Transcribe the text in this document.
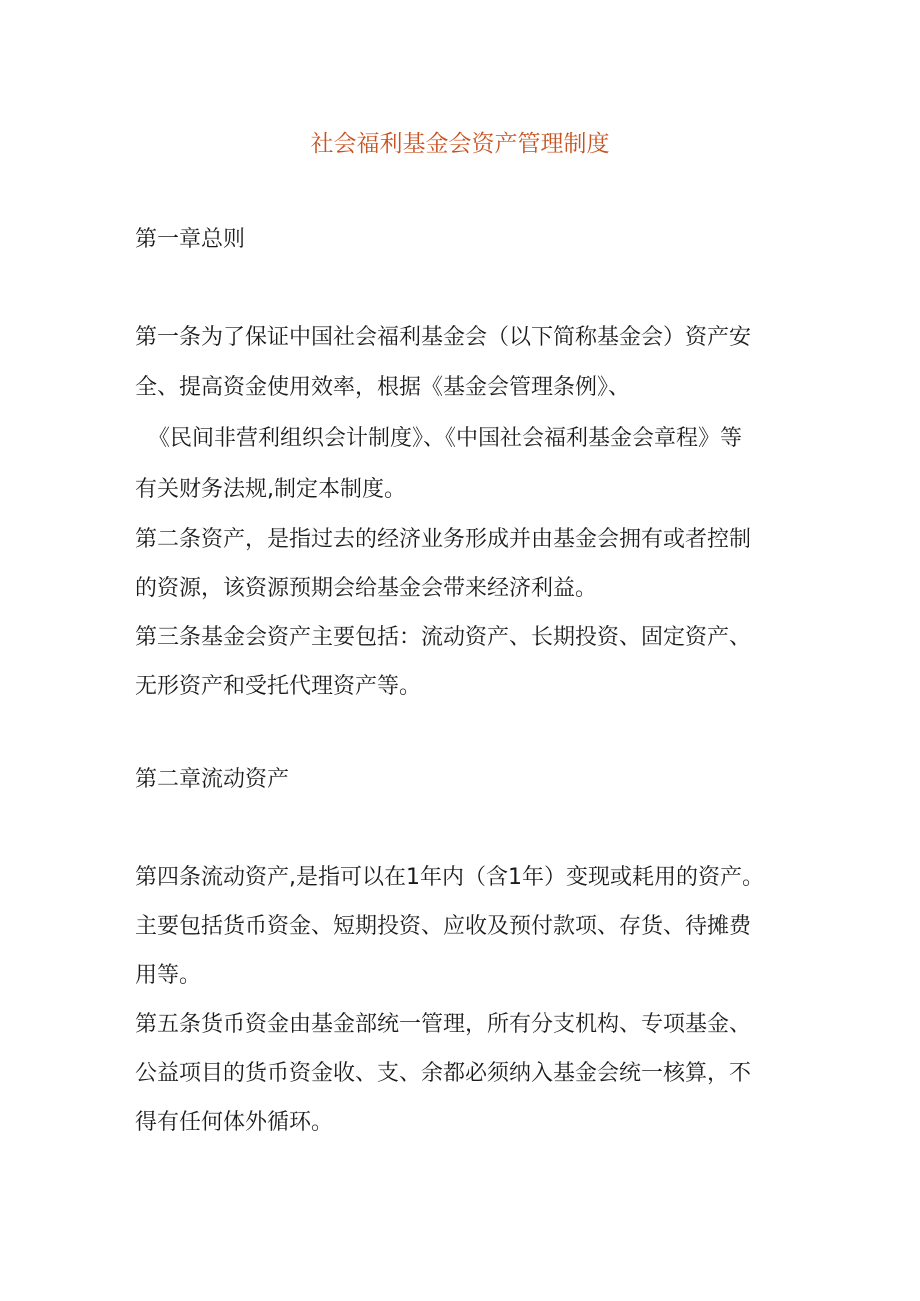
社会福利基金会资产管理制度
第一章总则
第一条为了保证中国社会福利基金会（以下简称基金会）资产安
全、提高资金使用效率，根据《基金会管理条例》、
《民间非营利组织会计制度》、《中国社会福利基金会章程》等
有关财务法规,制定本制度。
第二条资产，是指过去的经济业务形成并由基金会拥有或者控制
的资源，该资源预期会给基金会带来经济利益。
第三条基金会资产主要包括：流动资产、长期投资、固定资产、
无形资产和受托代理资产等。
第二章流动资产
第四条流动资产,是指可以在1年内（含1年）变现或耗用的资产。
主要包括货币资金、短期投资、应收及预付款项、存货、待摊费
用等。
第五条货币资金由基金部统一管理，所有分支机构、专项基金、
公益项目的货币资金收、支、余都必须纳入基金会统一核算，不
得有任何体外循环。
